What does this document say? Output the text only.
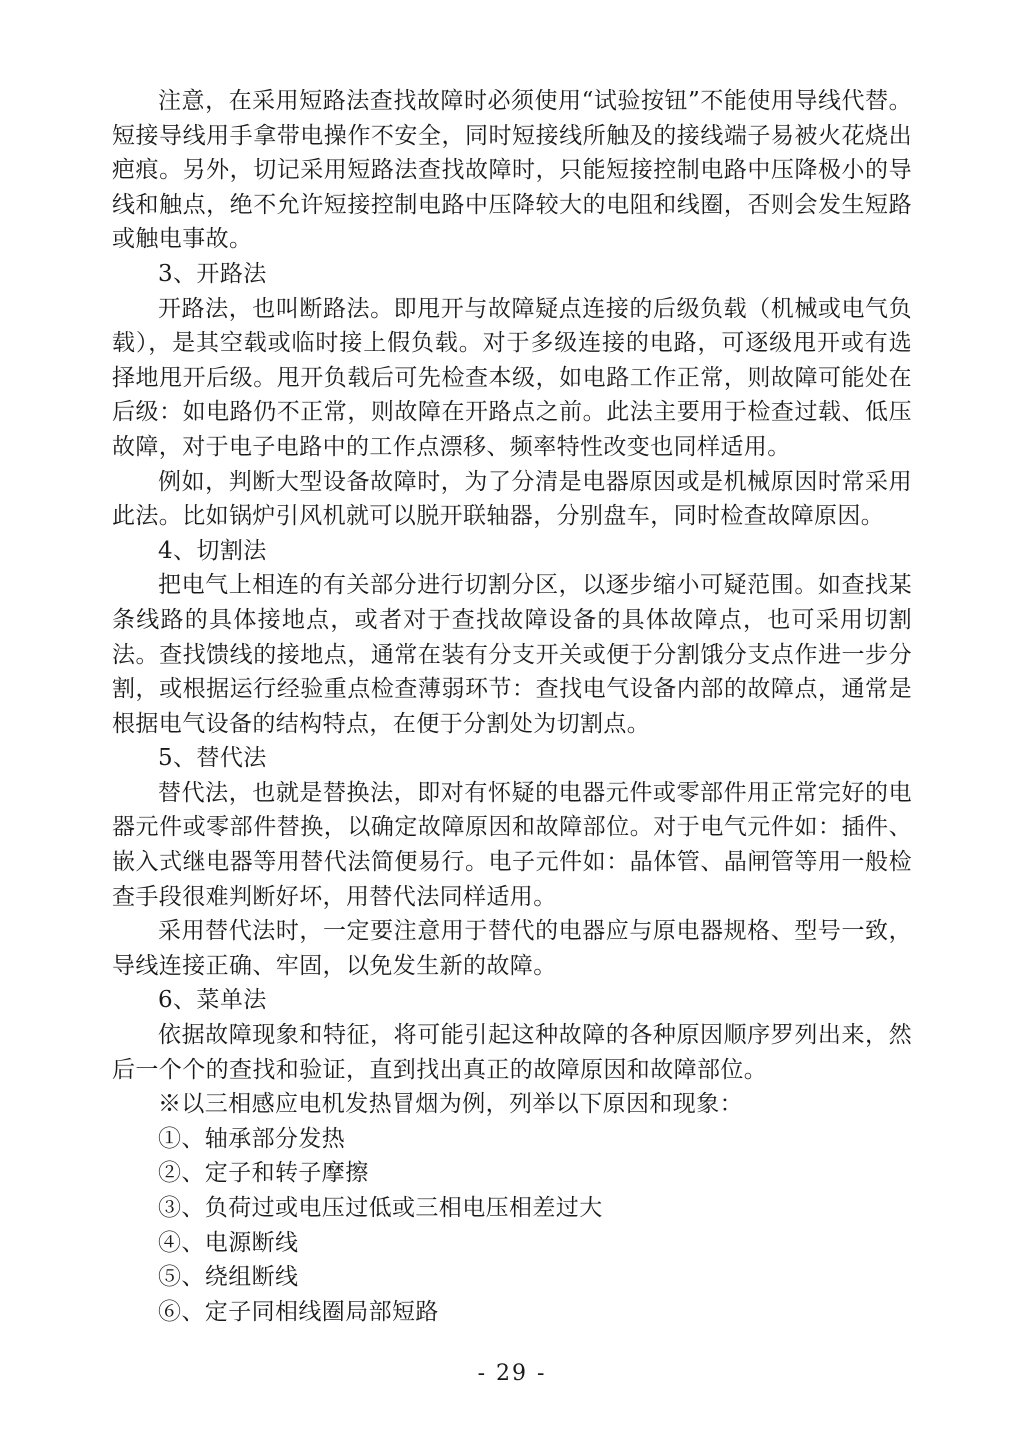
注意，在采用短路法查找故障时必须使用“试验按钮”不能使用导线代替。短接导线用手拿带电操作不安全，同时短接线所触及的接线端子易被火花烧出疤痕。另外，切记采用短路法查找故障时，只能短接控制电路中压降极小的导线和触点，绝不允许短接控制电路中压降较大的电阻和线圈，否则会发生短路或触电事故。

3、开路法

开路法，也叫断路法。即甩开与故障疑点连接的后级负载（机械或电气负载），是其空载或临时接上假负载。对于多级连接的电路，可逐级甩开或有选择地甩开后级。甩开负载后可先检查本级，如电路工作正常，则故障可能处在后级：如电路仍不正常，则故障在开路点之前。此法主要用于检查过载、低压故障，对于电子电路中的工作点漂移、频率特性改变也同样适用。

例如，判断大型设备故障时，为了分清是电器原因或是机械原因时常采用此法。比如锅炉引风机就可以脱开联轴器，分别盘车，同时检查故障原因。

4、切割法

把电气上相连的有关部分进行切割分区，以逐步缩小可疑范围。如查找某条线路的具体接地点，或者对于查找故障设备的具体故障点，也可采用切割法。查找馈线的接地点，通常在装有分支开关或便于分割饿分支点作进一步分割，或根据运行经验重点检查薄弱环节：查找电气设备内部的故障点，通常是根据电气设备的结构特点，在便于分割处为切割点。

5、替代法

替代法，也就是替换法，即对有怀疑的电器元件或零部件用正常完好的电器元件或零部件替换，以确定故障原因和故障部位。对于电气元件如：插件、嵌入式继电器等用替代法简便易行。电子元件如：晶体管、晶闸管等用一般检查手段很难判断好坏，用替代法同样适用。

采用替代法时，一定要注意用于替代的电器应与原电器规格、型号一致，导线连接正确、牢固，以免发生新的故障。

6、菜单法

依据故障现象和特征，将可能引起这种故障的各种原因顺序罗列出来，然后一个个的查找和验证，直到找出真正的故障原因和故障部位。

※以三相感应电机发热冒烟为例，列举以下原因和现象：

①、轴承部分发热

②、定子和转子摩擦

③、负荷过或电压过低或三相电压相差过大

④、电源断线

⑤、绕组断线

⑥、定子同相线圈局部短路

- 29 -
